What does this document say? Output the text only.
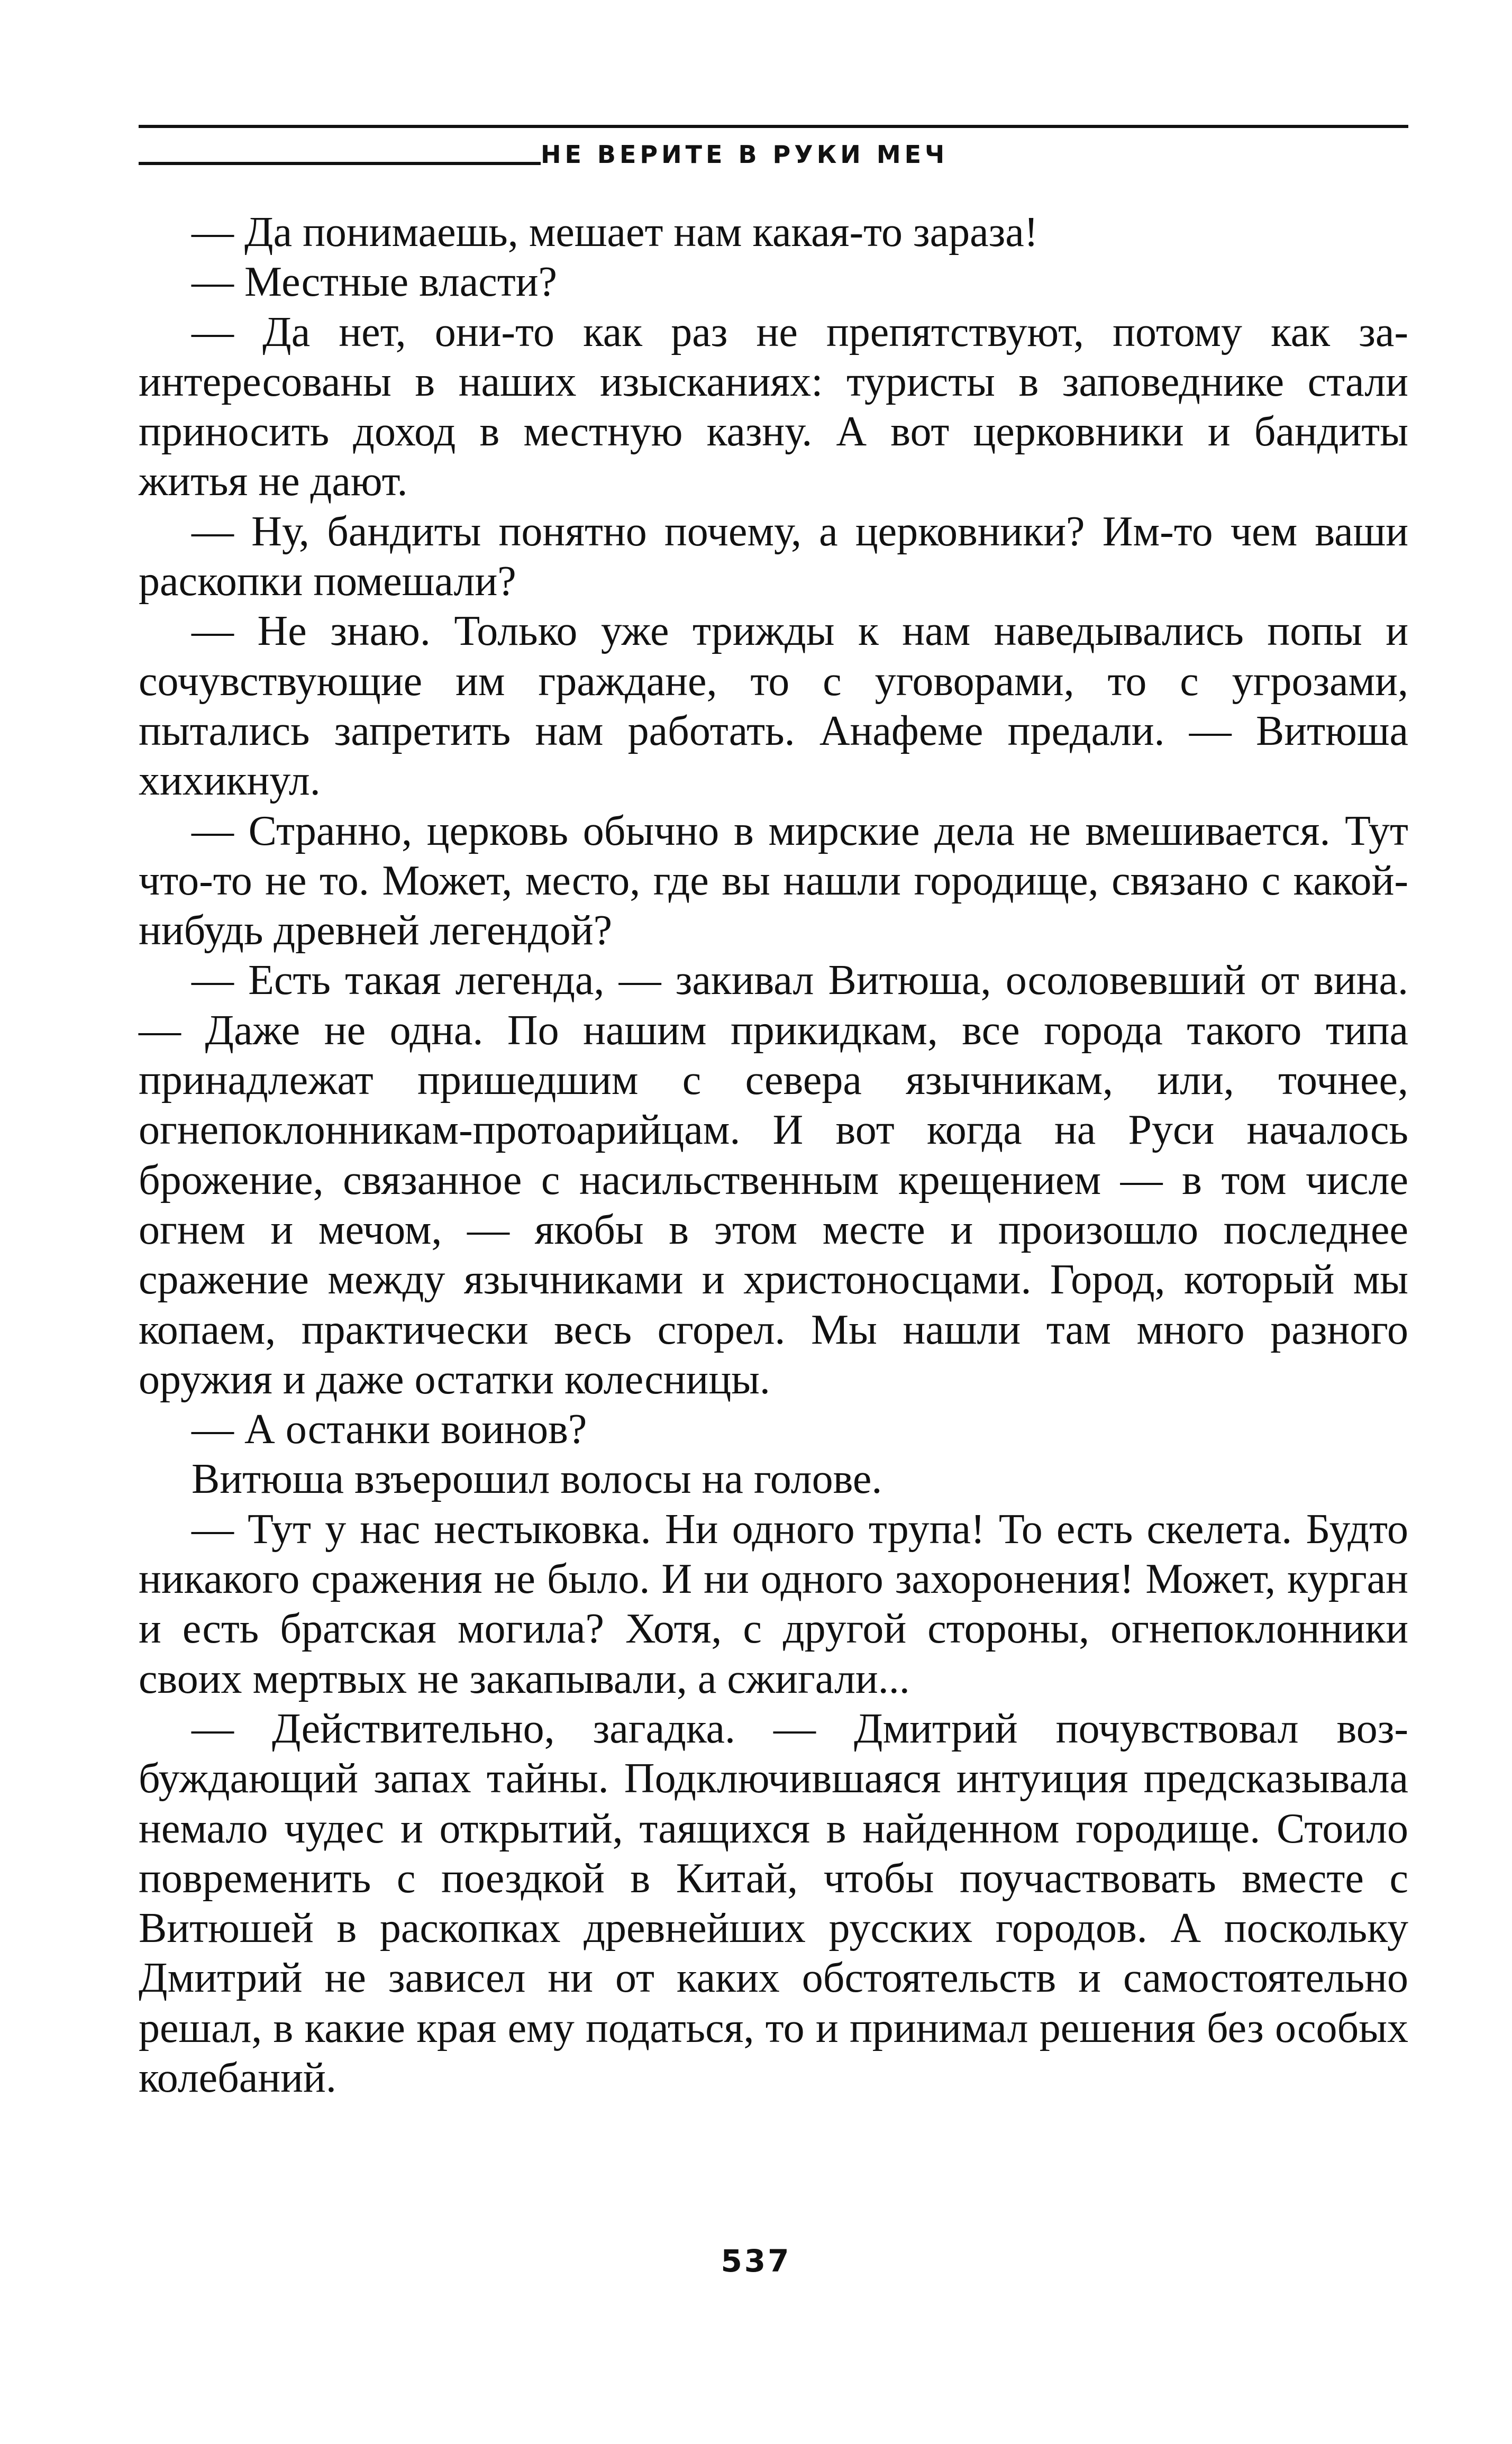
НЕ ВЕРИТЕ В РУКИ МЕЧ

— Да понимаешь, мешает нам какая-то зараза!

— Местные власти?

— Да нет, они-то как раз не препятствуют, потому как заинтересованы в наших изысканиях: туристы в заповеднике стали приносить доход в местную казну. А вот церковники и бандиты житья не дают.

— Ну, бандиты понятно почему, а церковники? Им-то чем ваши раскопки помешали?

— Не знаю. Только уже трижды к нам наведывались попы и сочувствующие им граждане, то с уговорами, то с угрозами, пытались запретить нам работать. Анафеме предали. — Витюша хихикнул.

— Странно, церковь обычно в мирские дела не вмешивается. Тут что-то не то. Может, место, где вы нашли городище, связано с какой-нибудь древней легендой?

— Есть такая легенда, — закивал Витюша, осоловевший от вина. — Даже не одна. По нашим прикидкам, все города такого типа принадлежат пришедшим с севера язычникам, или, точнее, огнепоклонникам-протоарийцам. И вот когда на Руси началось брожение, связанное с насильственным крещением — в том числе огнем и мечом, — якобы в этом месте и произошло последнее сражение между язычниками и христоносцами. Город, который мы копаем, практически весь сгорел. Мы нашли там много разного оружия и даже остатки колесницы.

— А останки воинов?

Витюша взъерошил волосы на голове.

— Тут у нас нестыковка. Ни одного трупа! То есть скелета. Будто никакого сражения не было. И ни одного захоронения! Может, курган и есть братская могила? Хотя, с другой стороны, огнепоклонники своих мертвых не закапывали, а сжигали...

— Действительно, загадка. — Дмитрий почувствовал возбуждающий запах тайны. Подключившаяся интуиция предсказывала немало чудес и открытий, таящихся в найденном городище. Стоило повременить с поездкой в Китай, чтобы поучаствовать вместе с Витюшей в раскопках древнейших русских городов. А поскольку Дмитрий не зависел ни от каких обстоятельств и самостоятельно решал, в какие края ему податься, то и принимал решения без особых колебаний.

537
